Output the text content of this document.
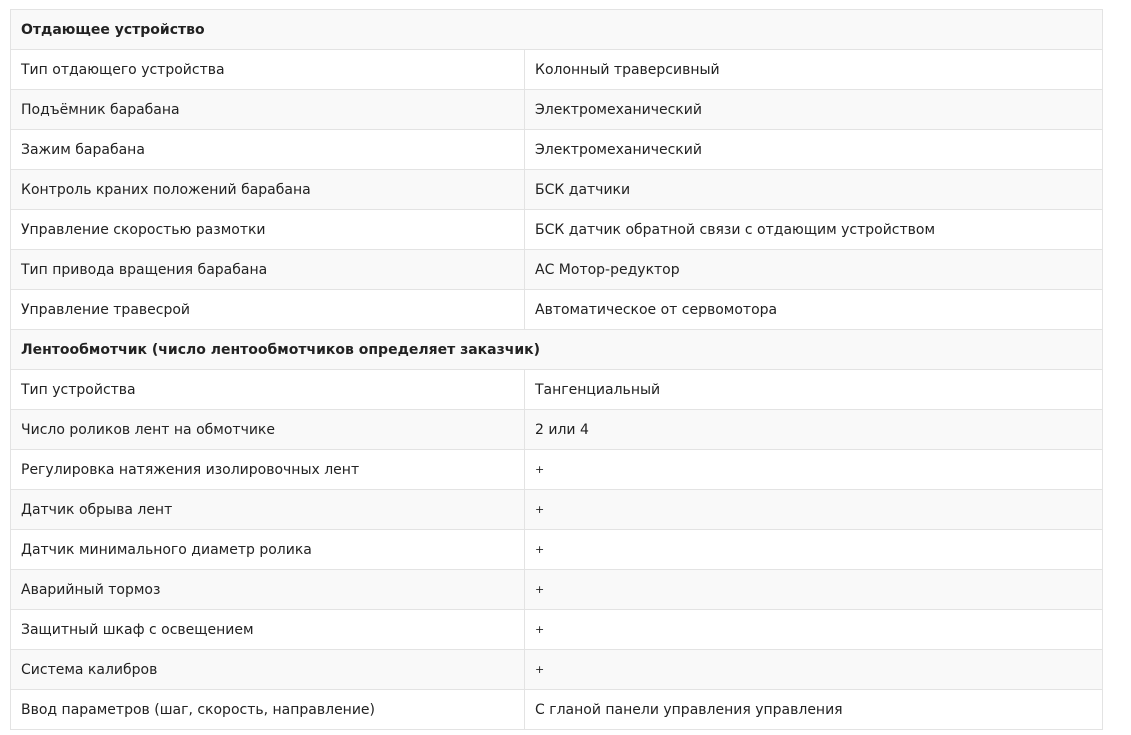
Отдающее устройство	
Тип отдающего устройства	Колонный траверсивный
Подъёмник барабана	Электромеханический
Зажим барабана	Электромеханический
Контроль краних положений барабана	БСК датчики
Управление скоростью размотки	БСК датчик обратной связи с отдающим устройством
Тип привода вращения барабана	АС Мотор-редуктор
Управление травесрой	Автоматическое от сервомотора
Лентообмотчик (число лентообмотчиков определяет заказчик)	
Тип устройства	Тангенциальный
Число роликов лент на обмотчике	2 или 4
Регулировка натяжения изолировочных лент	+
Датчик обрыва лент	+
Датчик минимального диаметр ролика	+
Аварийный тормоз	+
Защитный шкаф с освещением	+
Система калибров	+
Ввод параметров (шаг, скорость, направление)	С гланой панели управления управления
